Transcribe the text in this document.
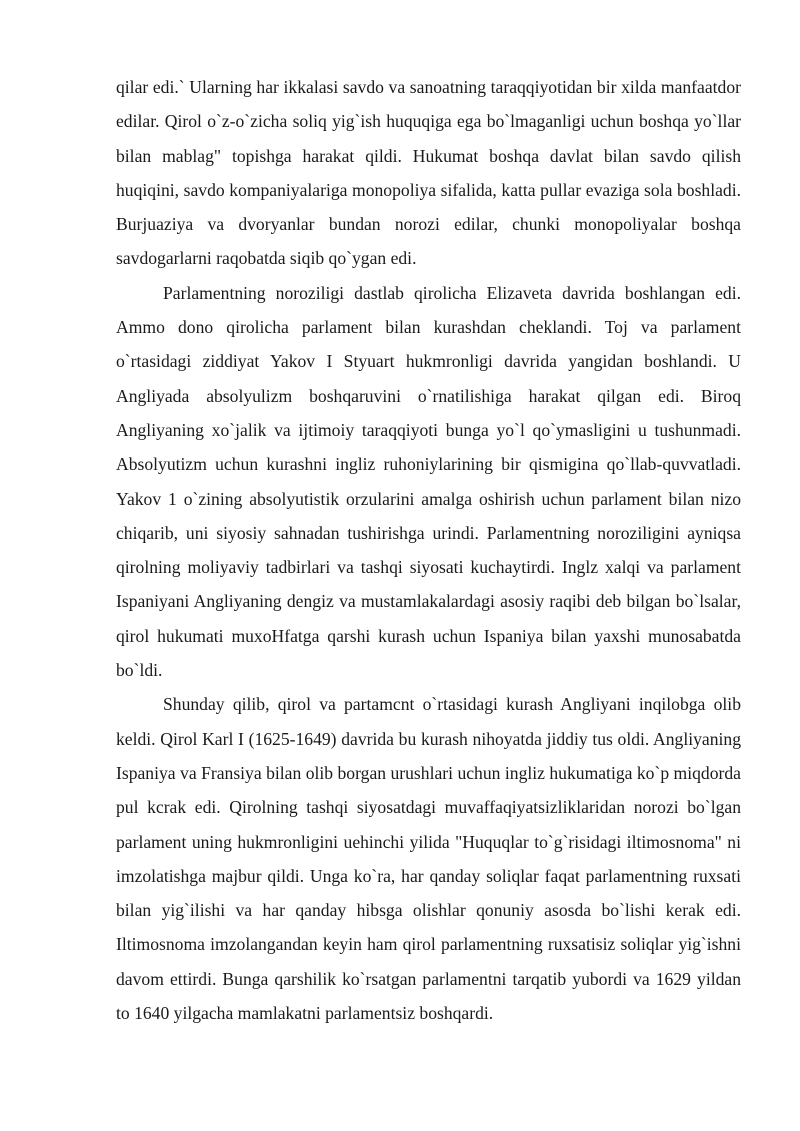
qilar edi.` Ularning har ikkalasi savdo va sanoatning taraqqiyotidan bir xilda manfaatdor edilar. Qirol o`z-o`zicha soliq yig`ish huquqiga ega bo`lmaganligi uchun boshqa yo`llar bilan mablag" topishga harakat qildi. Hukumat boshqa davlat bilan savdo qilish huqiqini, savdo kompaniyalariga monopoliya sifalida, katta pullar evaziga sola boshladi. Burjuaziya va dvoryanlar bundan norozi edilar, chunki monopoliyalar boshqa savdogarlarni raqobatda siqib qo`ygan edi.

Parlamentning noroziligi dastlab qirolicha Elizaveta davrida boshlangan edi. Ammo dono qirolicha parlament bilan kurashdan cheklandi. Toj va parlament o`rtasidagi ziddiyat Yakov I Styuart hukmronligi davrida yangidan boshlandi. U Angliyada absolyulizm boshqaruvini o`rnatilishiga harakat qilgan edi. Biroq Angliyaning xo`jalik va ijtimoiy taraqqiyoti bunga yo`l qo`ymasligini u tushunmadi. Absolyutizm uchun kurashni ingliz ruhoniylarining bir qismigina qo`llab-quvvatladi. Yakov 1 o`zining absolyutistik orzularini amalga oshirish uchun parlament bilan nizo chiqarib, uni siyosiy sahnadan tushirishga urindi. Parlamentning noroziligini ayniqsa qirolning moliyaviy tadbirlari va tashqi siyosati kuchaytirdi. Inglz xalqi va parlament Ispaniyani Angliyaning dengiz va mustamlakalardagi asosiy raqibi deb bilgan bo`lsalar, qirol hukumati muxoHfatga qarshi kurash uchun Ispaniya bilan yaxshi munosabatda bo`ldi.

Shunday qilib, qirol va partamcnt o`rtasidagi kurash Angliyani inqilobga olib keldi. Qirol Karl I (1625-1649) davrida bu kurash nihoyatda jiddiy tus oldi. Angliyaning Ispaniya va Fransiya bilan olib borgan urushlari uchun ingliz hukumatiga ko`p miqdorda pul kcrak edi. Qirolning tashqi siyosatdagi muvaffaqiyatsizliklaridan norozi bo`lgan parlament uning hukmronligini uehinchi yilida "Huquqlar to`g`risidagi iltimosnoma" ni imzolatishga majbur qildi. Unga ko`ra, har qanday soliqlar faqat parlamentning ruxsati bilan yig`ilishi va har qanday hibsga olishlar qonuniy asosda bo`lishi kerak edi. Iltimosnoma imzolangandan keyin ham qirol parlamentning ruxsatisiz soliqlar yig`ishni davom ettirdi. Bunga qarshilik ko`rsatgan parlamentni tarqatib yubordi va 1629 yildan to 1640 yilgacha mamlakatni parlamentsiz boshqardi.
